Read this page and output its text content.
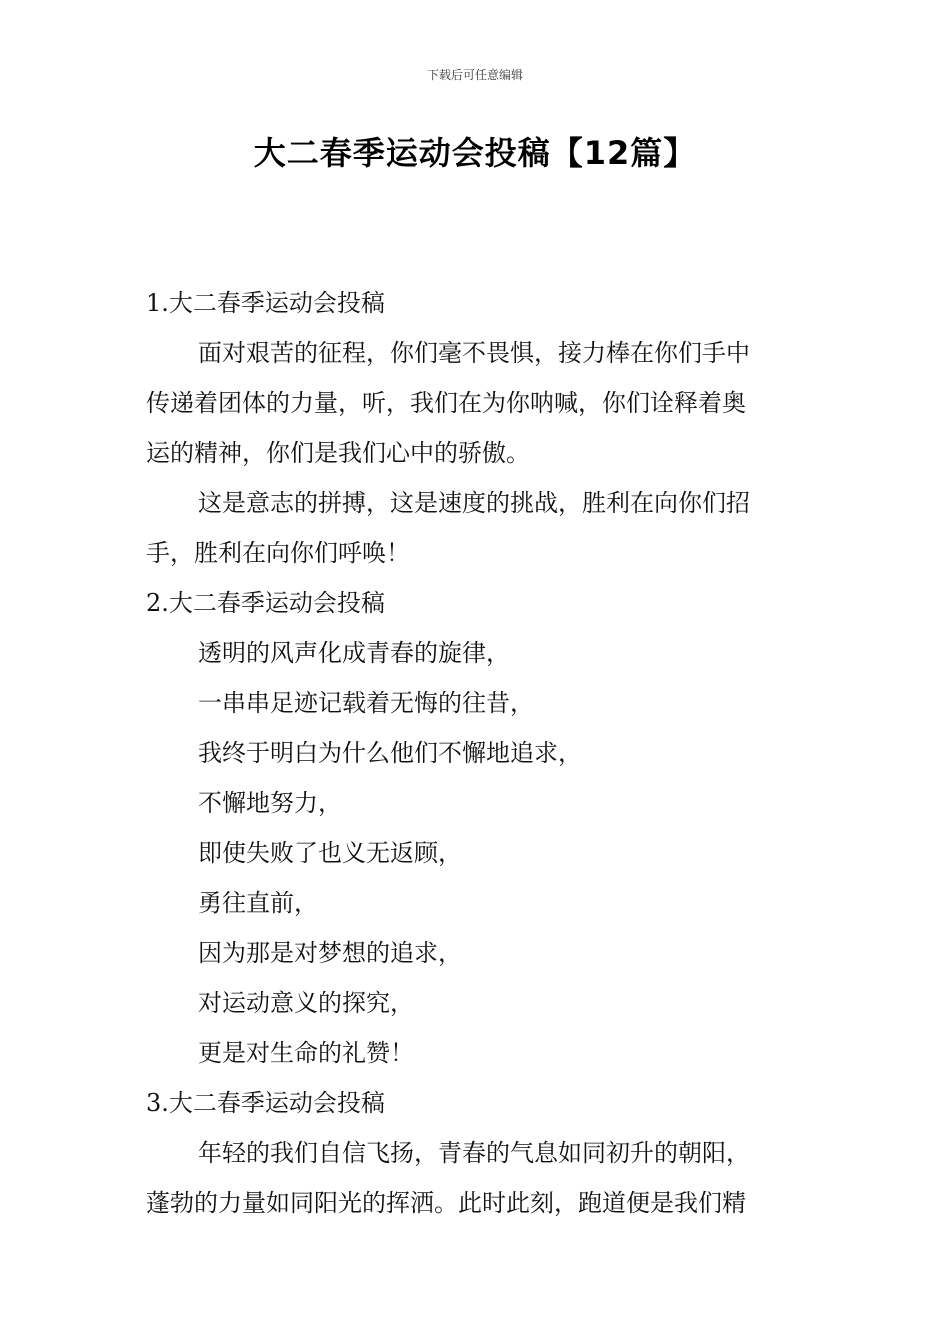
下载后可任意编辑
大二春季运动会投稿【12篇】
1.大二春季运动会投稿
面对艰苦的征程，你们毫不畏惧，接力棒在你们手中
传递着团体的力量，听，我们在为你呐喊，你们诠释着奥
运的精神，你们是我们心中的骄傲。
这是意志的拼搏，这是速度的挑战，胜利在向你们招
手，胜利在向你们呼唤！
2.大二春季运动会投稿
透明的风声化成青春的旋律，
一串串足迹记载着无悔的往昔，
我终于明白为什么他们不懈地追求，
不懈地努力，
即使失败了也义无返顾，
勇往直前，
因为那是对梦想的追求，
对运动意义的探究，
更是对生命的礼赞！
3.大二春季运动会投稿
年轻的我们自信飞扬，青春的气息如同初升的朝阳，
蓬勃的力量如同阳光的挥洒。此时此刻，跑道便是我们精
